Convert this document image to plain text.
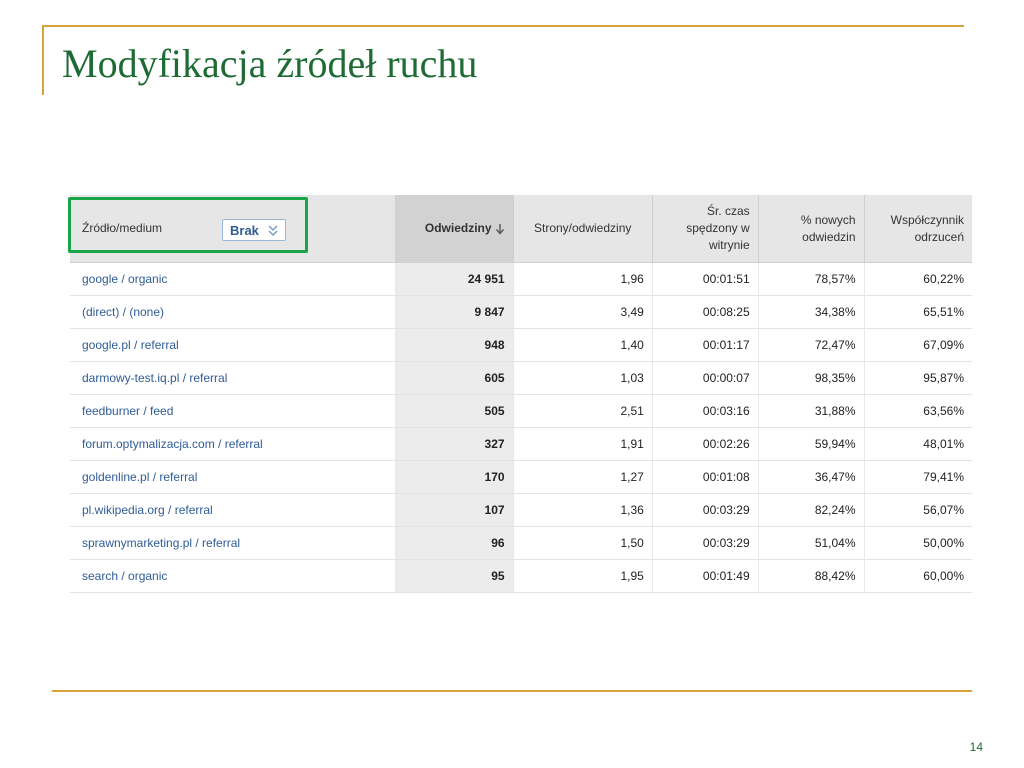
Modyfikacja źródeł ruchu
Źródło/medium Brak	Odwiedziny	Strony/odwiedziny	Śr. czas spędzony w witrynie	% nowych odwiedzin	Współczynnik odrzuceń
google / organic	24 951	1,96	00:01:51	78,57%	60,22%
(direct) / (none)	9 847	3,49	00:08:25	34,38%	65,51%
google.pl / referral	948	1,40	00:01:17	72,47%	67,09%
darmowy-test.iq.pl / referral	605	1,03	00:00:07	98,35%	95,87%
feedburner / feed	505	2,51	00:03:16	31,88%	63,56%
forum.optymalizacja.com / referral	327	1,91	00:02:26	59,94%	48,01%
goldenline.pl / referral	170	1,27	00:01:08	36,47%	79,41%
pl.wikipedia.org / referral	107	1,36	00:03:29	82,24%	56,07%
sprawnymarketing.pl / referral	96	1,50	00:03:29	51,04%	50,00%
search / organic	95	1,95	00:01:49	88,42%	60,00%
14
